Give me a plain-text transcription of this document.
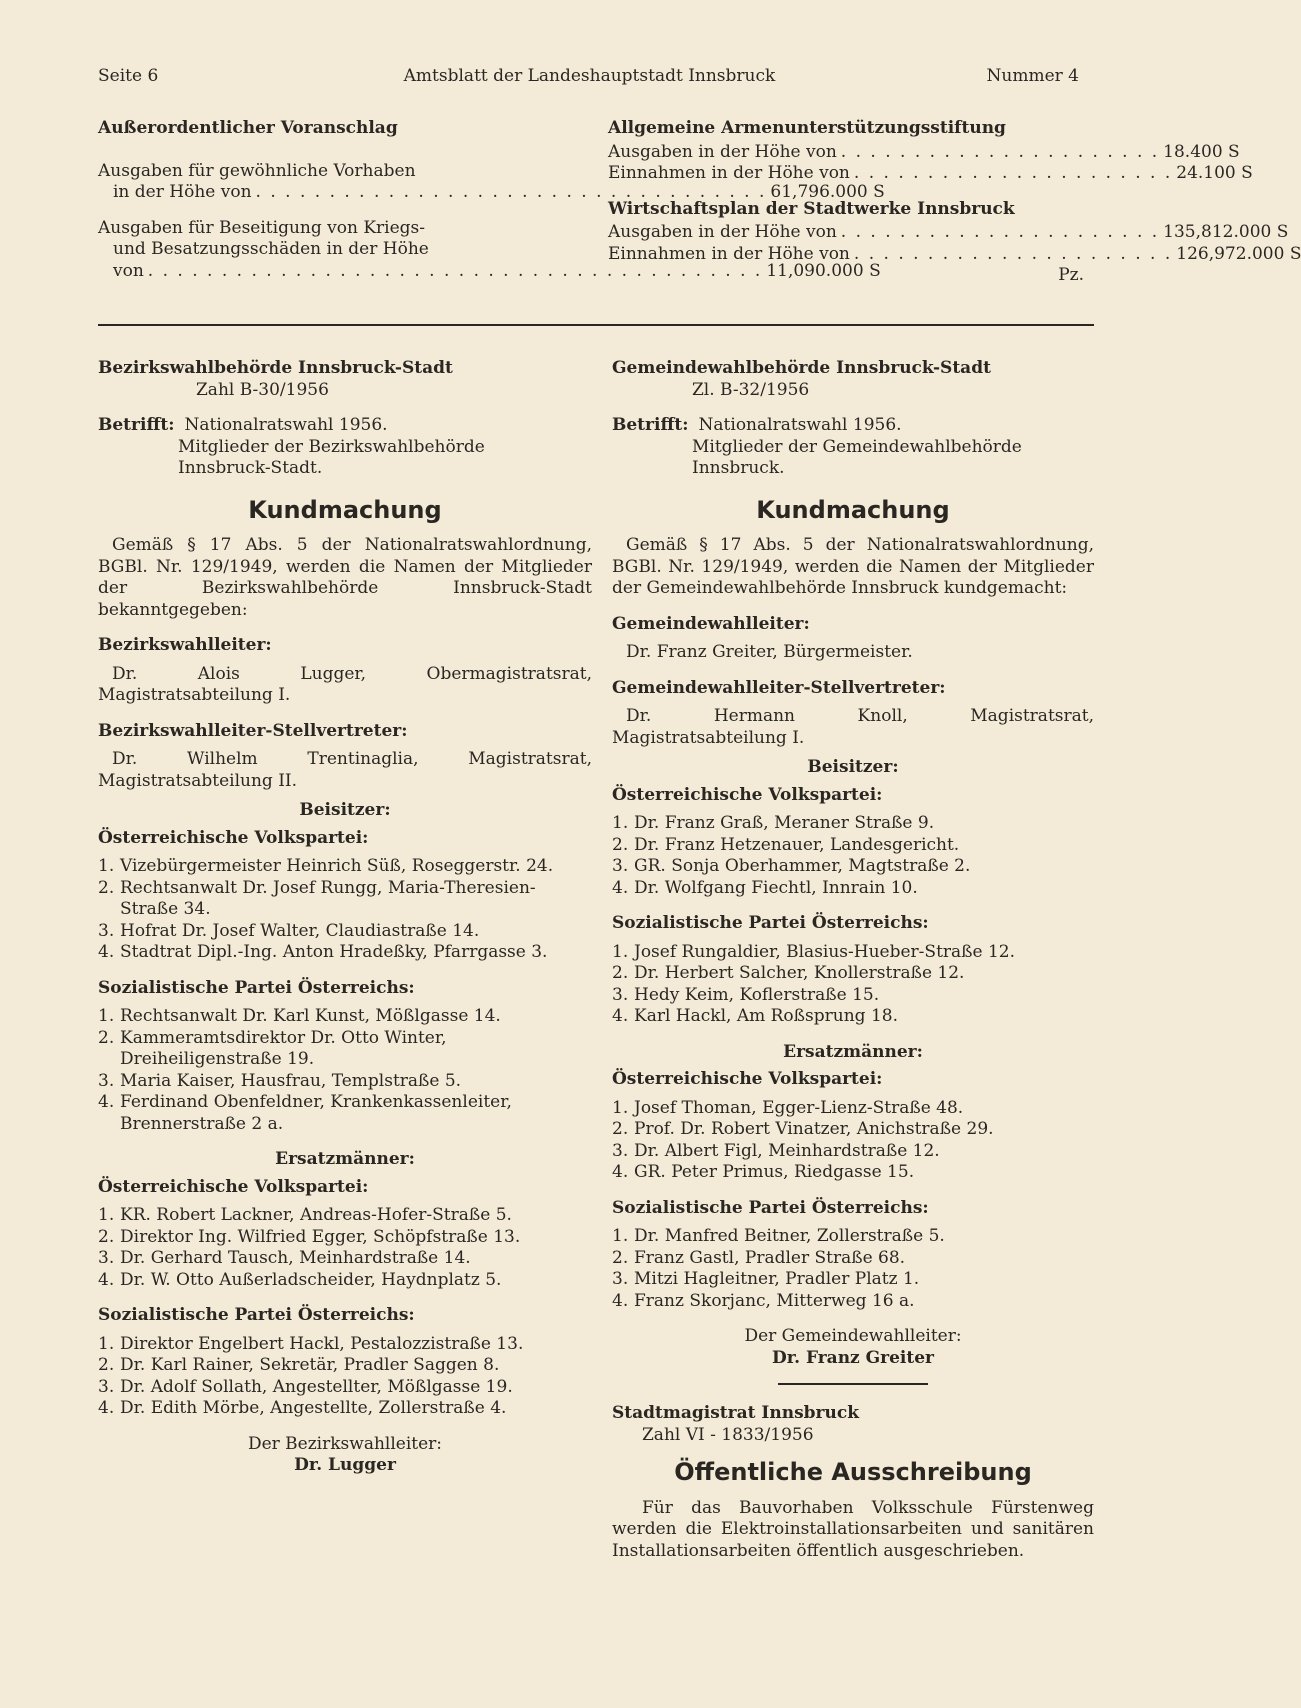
Seite 6	Amtsblatt der Landeshauptstadt Innsbruck	Nummer 4
Außerordentlicher Voranschlag
Ausgaben für gewöhnliche Vorhaben
in der Höhe von . . . . . . . . . . . . . . . . . . . . . . . . . . . . . . . . . . . 61,796.000 S
Ausgaben für Beseitigung von Kriegs-
und Besatzungsschäden in der Höhe
von . . . . . . . . . . . . . . . . . . . . . . . . . . . . . . . . . . . . . . . . . . 11,090.000 S
Allgemeine Armenunterstützungsstiftung
Ausgaben in der Höhe von . . . . . . . . . . . . . . . . . . . . . . 18.400 S
Einnahmen in der Höhe von . . . . . . . . . . . . . . . . . . . . . . 24.100 S
Wirtschaftsplan der Stadtwerke Innsbruck
Ausgaben in der Höhe von . . . . . . . . . . . . . . . . . . . . . . 135,812.000 S
Einnahmen in der Höhe von . . . . . . . . . . . . . . . . . . . . . . 126,972.000 S
Pz.
Bezirkswahlbehörde Innsbruck-Stadt
Zahl B-30/1956
Betrifft: Nationalratswahl 1956.
Mitglieder der Bezirkswahlbehörde
Innsbruck-Stadt.
Kundmachung
Gemäß § 17 Abs. 5 der Nationalratswahlordnung, BGBl. Nr. 129/1949, werden die Namen der Mitglieder der Bezirkswahlbehörde Innsbruck-Stadt bekanntgegeben:
Bezirkswahlleiter:
Dr. Alois Lugger, Obermagistratsrat, Magistratsabteilung I.
Bezirkswahlleiter-Stellvertreter:
Dr. Wilhelm Trentinaglia, Magistratsrat, Magistratsabteilung II.
Beisitzer:
Österreichische Volkspartei:
1. Vizebürgermeister Heinrich Süß, Roseggerstr. 24.
2. Rechtsanwalt Dr. Josef Rungg, Maria-Theresien-Straße 34.
3. Hofrat Dr. Josef Walter, Claudiastraße 14.
4. Stadtrat Dipl.-Ing. Anton Hradeßky, Pfarrgasse 3.
Sozialistische Partei Österreichs:
1. Rechtsanwalt Dr. Karl Kunst, Mößlgasse 14.
2. Kammeramtsdirektor Dr. Otto Winter, Dreiheiligenstraße 19.
3. Maria Kaiser, Hausfrau, Templstraße 5.
4. Ferdinand Obenfeldner, Krankenkassenleiter, Brennerstraße 2 a.
Ersatzmänner:
Österreichische Volkspartei:
1. KR. Robert Lackner, Andreas-Hofer-Straße 5.
2. Direktor Ing. Wilfried Egger, Schöpfstraße 13.
3. Dr. Gerhard Tausch, Meinhardstraße 14.
4. Dr. W. Otto Außerladscheider, Haydnplatz 5.
Sozialistische Partei Österreichs:
1. Direktor Engelbert Hackl, Pestalozzistraße 13.
2. Dr. Karl Rainer, Sekretär, Pradler Saggen 8.
3. Dr. Adolf Sollath, Angestellter, Mößlgasse 19.
4. Dr. Edith Mörbe, Angestellte, Zollerstraße 4.
Der Bezirkswahlleiter:
Dr. Lugger
Gemeindewahlbehörde Innsbruck-Stadt
Zl. B-32/1956
Betrifft: Nationalratswahl 1956.
Mitglieder der Gemeindewahlbehörde
Innsbruck.
Kundmachung
Gemäß § 17 Abs. 5 der Nationalratswahlordnung, BGBl. Nr. 129/1949, werden die Namen der Mitglieder der Gemeindewahlbehörde Innsbruck kundgemacht:
Gemeindewahlleiter:
Dr. Franz Greiter, Bürgermeister.
Gemeindewahlleiter-Stellvertreter:
Dr. Hermann Knoll, Magistratsrat, Magistratsabteilung I.
Beisitzer:
Österreichische Volkspartei:
1. Dr. Franz Graß, Meraner Straße 9.
2. Dr. Franz Hetzenauer, Landesgericht.
3. GR. Sonja Oberhammer, Magtstraße 2.
4. Dr. Wolfgang Fiechtl, Innrain 10.
Sozialistische Partei Österreichs:
1. Josef Rungaldier, Blasius-Hueber-Straße 12.
2. Dr. Herbert Salcher, Knollerstraße 12.
3. Hedy Keim, Koflerstraße 15.
4. Karl Hackl, Am Roßsprung 18.
Ersatzmänner:
Österreichische Volkspartei:
1. Josef Thoman, Egger-Lienz-Straße 48.
2. Prof. Dr. Robert Vinatzer, Anichstraße 29.
3. Dr. Albert Figl, Meinhardstraße 12.
4. GR. Peter Primus, Riedgasse 15.
Sozialistische Partei Österreichs:
1. Dr. Manfred Beitner, Zollerstraße 5.
2. Franz Gastl, Pradler Straße 68.
3. Mitzi Hagleitner, Pradler Platz 1.
4. Franz Skorjanc, Mitterweg 16 a.
Der Gemeindewahlleiter:
Dr. Franz Greiter
Stadtmagistrat Innsbruck
Zahl VI - 1833/1956
Öffentliche Ausschreibung
Für das Bauvorhaben Volksschule Fürstenweg werden die Elektroinstallationsarbeiten und sanitären Installationsarbeiten öffentlich ausgeschrieben.
